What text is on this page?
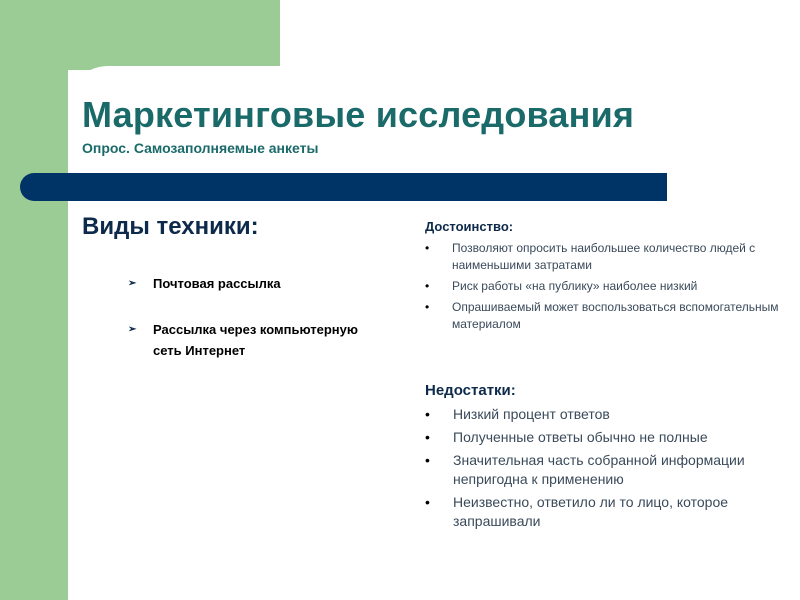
Маркетинговые исследования
Опрос. Самозаполняемые анкеты
Виды техники:
➢ Почтовая рассылка
➢ Рассылка через компьютерную сеть Интернет
Достоинство:
• Позволяют опросить наибольшее количество людей с наименьшими затратами
• Риск работы «на публику» наиболее низкий
• Опрашиваемый может воспользоваться вспомогательным материалом
Недостатки:
• Низкий процент ответов
• Полученные ответы обычно не полные
• Значительная часть собранной информации непригодна к применению
• Неизвестно, ответило ли то лицо, которое запрашивали
